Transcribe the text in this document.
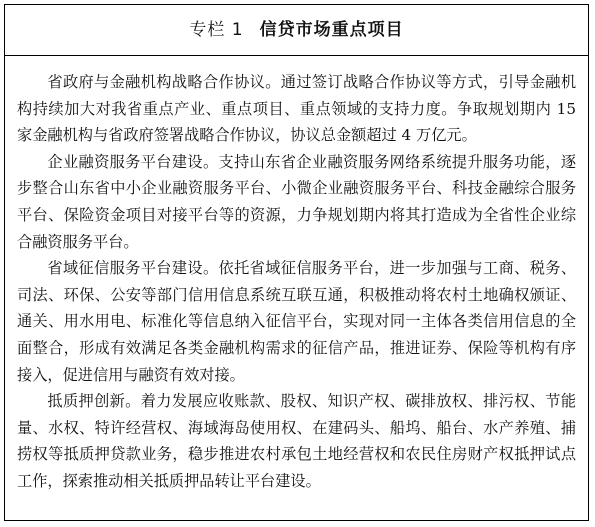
专栏 1 信贷市场重点项目

省政府与金融机构战略合作协议。通过签订战略合作协议等方式，引导金融机构持续加大对我省重点产业、重点项目、重点领域的支持力度。争取规划期内 15 家金融机构与省政府签署战略合作协议，协议总金额超过 4 万亿元。

企业融资服务平台建设。支持山东省企业融资服务网络系统提升服务功能，逐步整合山东省中小企业融资服务平台、小微企业融资服务平台、科技金融综合服务平台、保险资金项目对接平台等的资源，力争规划期内将其打造成为全省性企业综合融资服务平台。

省域征信服务平台建设。依托省域征信服务平台，进一步加强与工商、税务、司法、环保、公安等部门信用信息系统互联互通，积极推动将农村土地确权颁证、通关、用水用电、标准化等信息纳入征信平台，实现对同一主体各类信用信息的全面整合，形成有效满足各类金融机构需求的征信产品，推进证券、保险等机构有序接入，促进信用与融资有效对接。

抵质押创新。着力发展应收账款、股权、知识产权、碳排放权、排污权、节能量、水权、特许经营权、海域海岛使用权、在建码头、船坞、船台、水产养殖、捕捞权等抵质押贷款业务，稳步推进农村承包土地经营权和农民住房财产权抵押试点工作，探索推动相关抵质押品转让平台建设。
